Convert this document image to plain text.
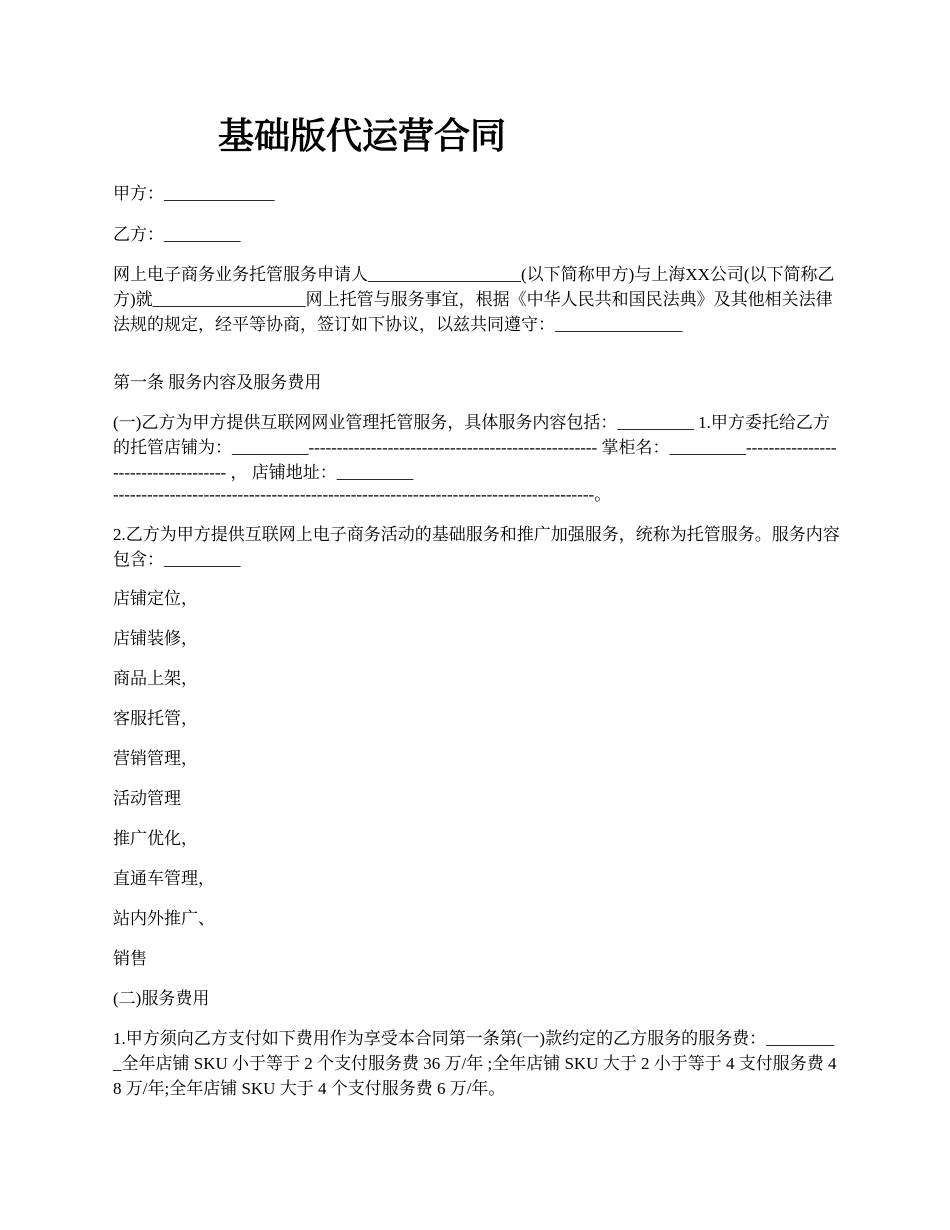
基础版代运营合同

甲方：_____________

乙方：_________

网上电子商务业务托管服务申请人__________________(以下简称甲方)与上海XX公司(以下简称乙方)就__________________网上托管与服务事宜，根据《中华人民共和国民法典》及其他相关法律法规的规定，经平等协商，签订如下协议，以兹共同遵守：_______________

第一条 服务内容及服务费用

(一)乙方为甲方提供互联网网业管理托管服务，具体服务内容包括：_________ 1.甲方委托给乙方的托管店铺为：_________--------------------------------------------------- 掌柜名：_________------------------------------------ ， 店铺地址：_________

-------------------------------------------------------------------------------------。

2.乙方为甲方提供互联网上电子商务活动的基础服务和推广加强服务，统称为托管服务。服务内容包含：_________

店铺定位，

店铺装修，

商品上架，

客服托管，

营销管理，

活动管理

推广优化，

直通车管理，

站内外推广、

销售

(二)服务费用

1.甲方须向乙方支付如下费用作为享受本合同第一条第(一)款约定的乙方服务的服务费：_________全年店铺 SKU 小于等于 2 个支付服务费 36 万/年 ;全年店铺 SKU 大于 2 小于等于 4 支付服务费 48 万/年;全年店铺 SKU 大于 4 个支付服务费 6 万/年。
